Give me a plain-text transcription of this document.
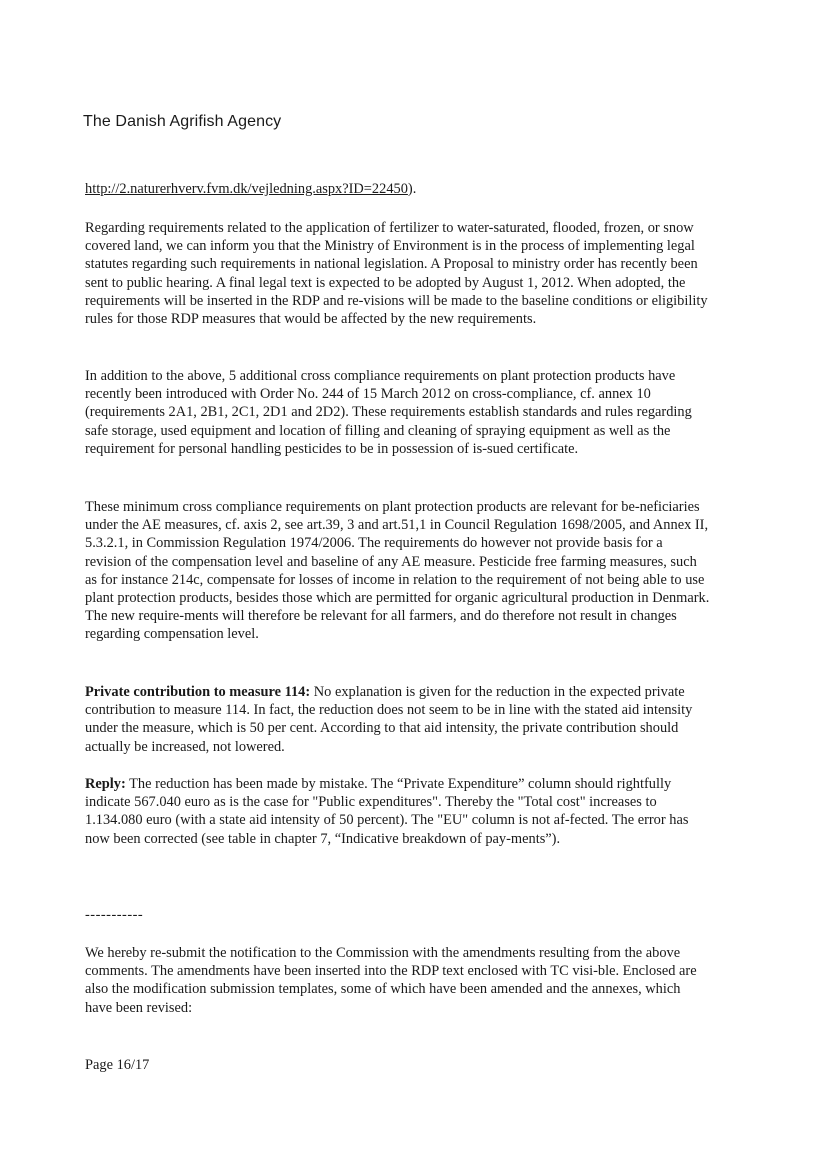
The Danish Agrifish Agency
http://2.naturerhverv.fvm.dk/vejledning.aspx?ID=22450).

Regarding requirements related to the application of fertilizer to water-saturated, flooded, frozen, or snow covered land, we can inform you that the Ministry of Environment is in the process of implementing legal statutes regarding such requirements in national legislation. A Proposal to ministry order has recently been sent to public hearing. A final legal text is expected to be adopted by August 1, 2012. When adopted, the requirements will be inserted in the RDP and re-visions will be made to the baseline conditions or eligibility rules for those RDP measures that would be affected by the new requirements.

In addition to the above, 5 additional cross compliance requirements on plant protection products have recently been introduced with Order No. 244 of 15 March 2012 on cross-compliance, cf. annex 10 (requirements 2A1, 2B1, 2C1, 2D1 and 2D2). These requirements establish standards and rules regarding safe storage, used equipment and location of filling and cleaning of spraying equipment as well as the requirement for personal handling pesticides to be in possession of is-sued certificate.

These minimum cross compliance requirements on plant protection products are relevant for be-neficiaries under the AE measures, cf. axis 2, see art.39, 3 and art.51,1 in Council Regulation 1698/2005, and Annex II, 5.3.2.1, in Commission Regulation 1974/2006. The requirements do however not provide basis for a revision of the compensation level and baseline of any AE measure. Pesticide free farming measures, such as for instance 214c, compensate for losses of income in relation to the requirement of not being able to use plant protection products, besides those which are permitted for organic agricultural production in Denmark. The new require-ments will therefore be relevant for all farmers, and do therefore not result in changes regarding compensation level.

Private contribution to measure 114: No explanation is given for the reduction in the expected private contribution to measure 114. In fact, the reduction does not seem to be in line with the stated aid intensity under the measure, which is 50 per cent. According to that aid intensity, the private contribution should actually be increased, not lowered.

Reply: The reduction has been made by mistake. The “Private Expenditure” column should rightfully indicate 567.040 euro as is the case for "Public expenditures". Thereby the "Total cost" increases to 1.134.080 euro (with a state aid intensity of 50 percent). The "EU" column is not af-fected. The error has now been corrected (see table in chapter 7, “Indicative breakdown of pay-ments”).

-----------

We hereby re-submit the notification to the Commission with the amendments resulting from the above comments. The amendments have been inserted into the RDP text enclosed with TC visi-ble. Enclosed are also the modification submission templates, some of which have been amended and the annexes, which have been revised:

Page 16/17
